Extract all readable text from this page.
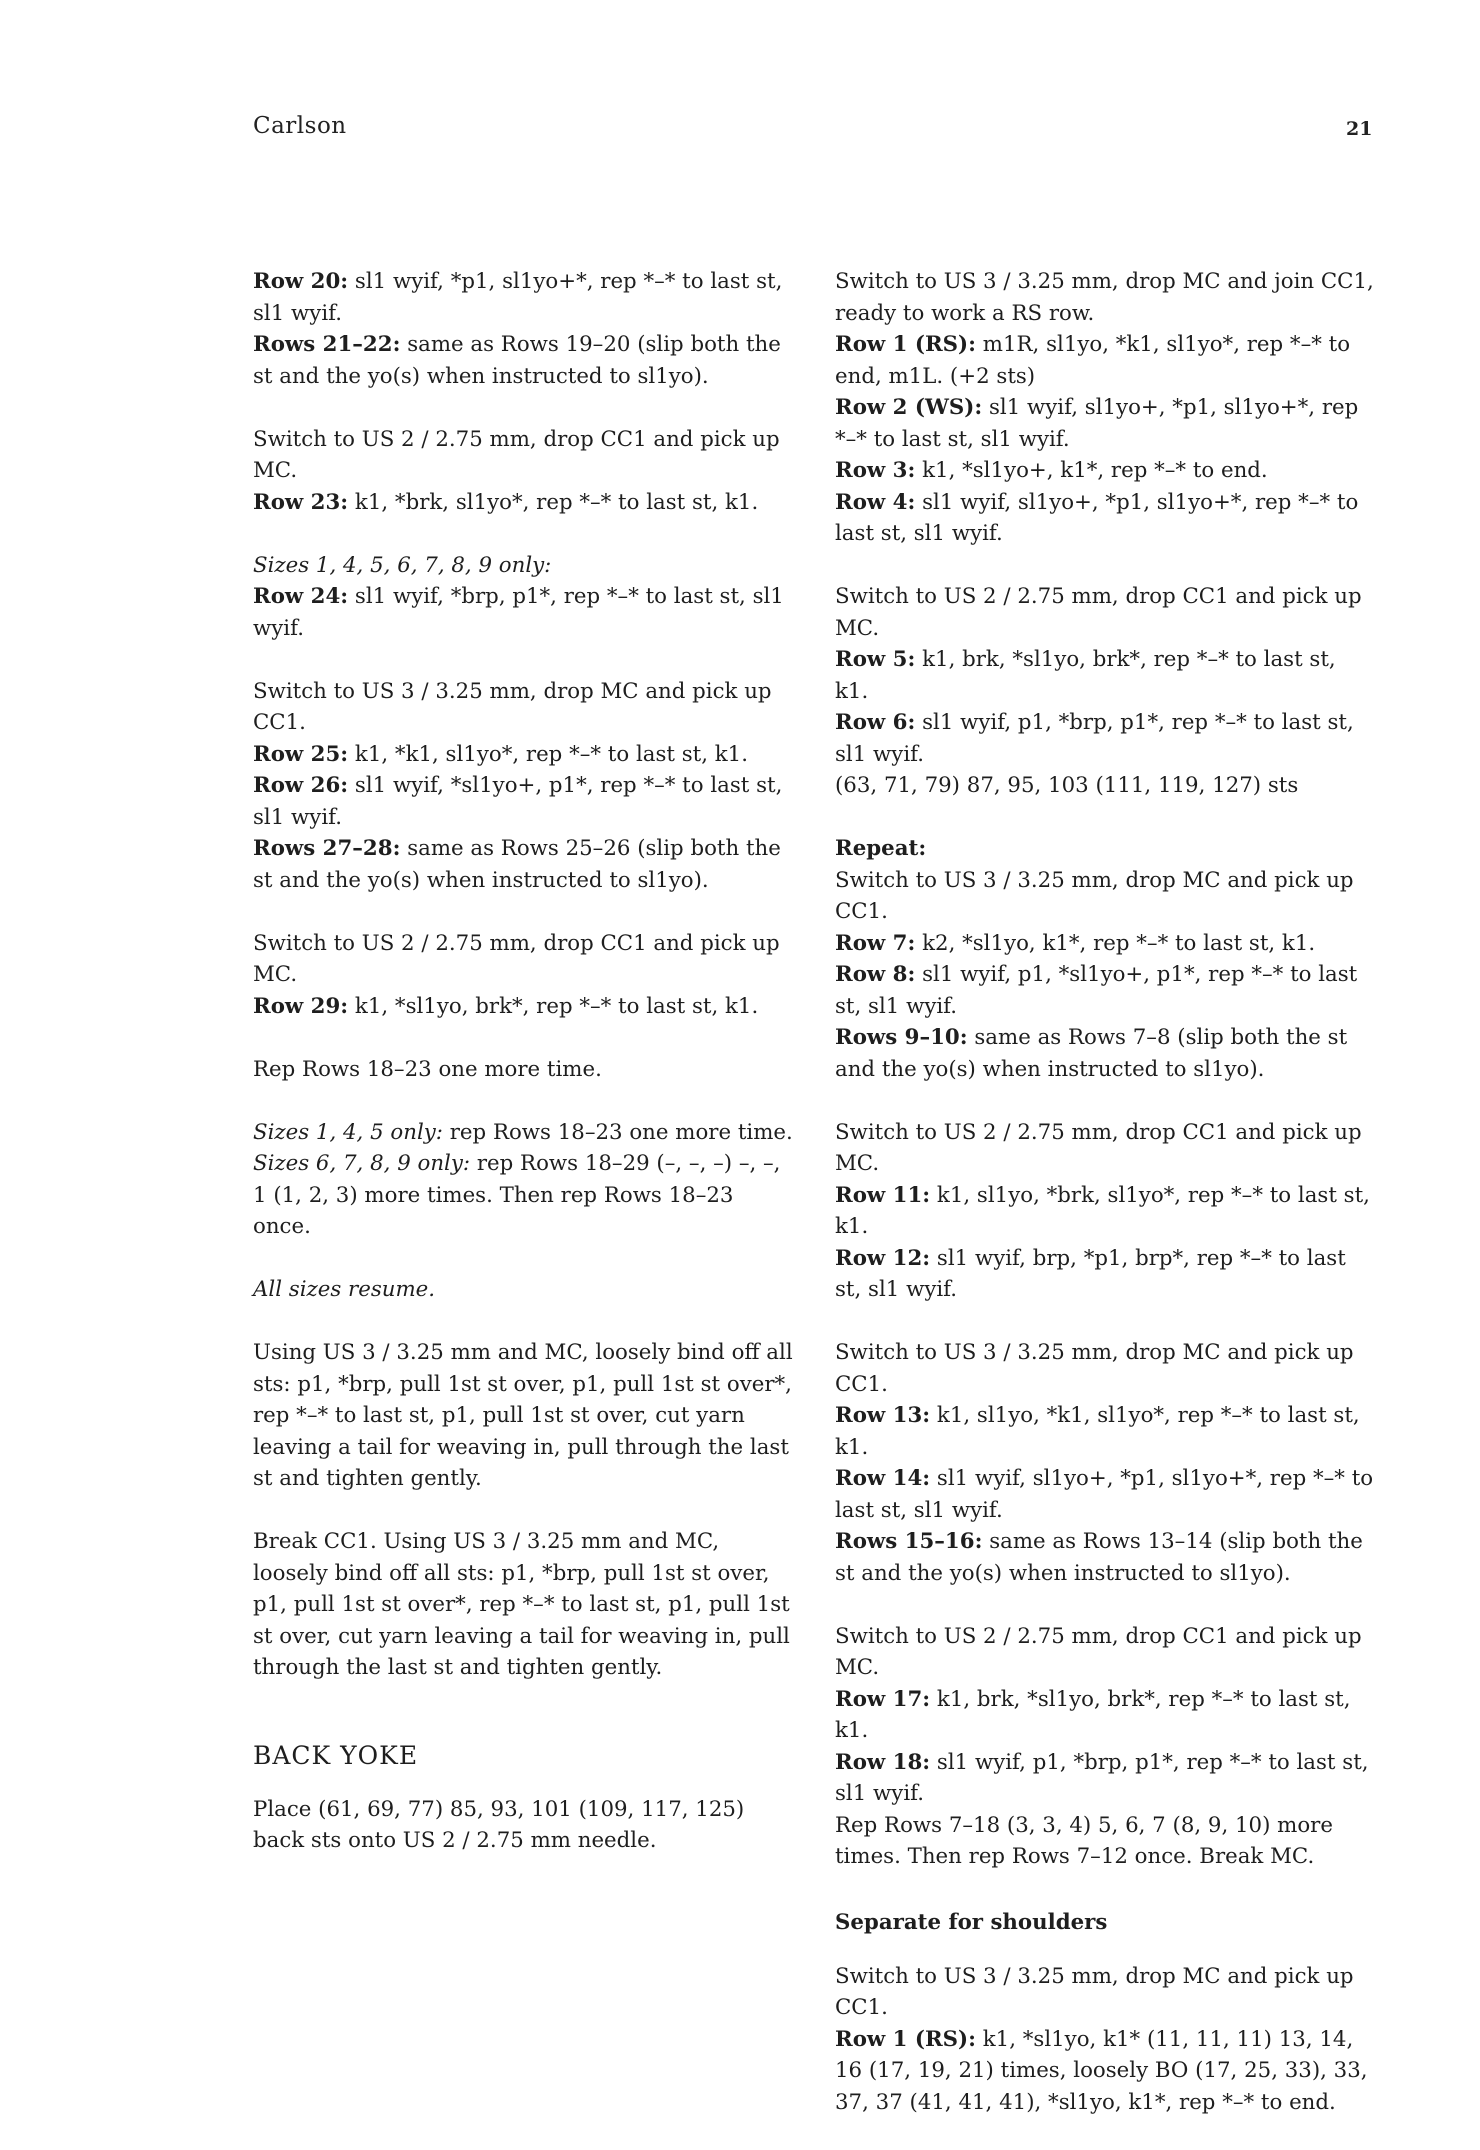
Carlson	21

Row 20: sl1 wyif, *p1, sl1yo+*, rep *–* to last st, sl1 wyif.
Rows 21–22: same as Rows 19–20 (slip both the st and the yo(s) when instructed to sl1yo).

Switch to US 2 / 2.75 mm, drop CC1 and pick up MC.
Row 23: k1, *brk, sl1yo*, rep *–* to last st, k1.

Sizes 1, 4, 5, 6, 7, 8, 9 only:
Row 24: sl1 wyif, *brp, p1*, rep *–* to last st, sl1 wyif.

Switch to US 3 / 3.25 mm, drop MC and pick up CC1.
Row 25: k1, *k1, sl1yo*, rep *–* to last st, k1.
Row 26: sl1 wyif, *sl1yo+, p1*, rep *–* to last st, sl1 wyif.
Rows 27–28: same as Rows 25–26 (slip both the st and the yo(s) when instructed to sl1yo).

Switch to US 2 / 2.75 mm, drop CC1 and pick up MC.
Row 29: k1, *sl1yo, brk*, rep *–* to last st, k1.

Rep Rows 18–23 one more time.

Sizes 1, 4, 5 only: rep Rows 18–23 one more time.
Sizes 6, 7, 8, 9 only: rep Rows 18–29 (–, –, –) –, –, 1 (1, 2, 3) more times. Then rep Rows 18–23 once.

All sizes resume.

Using US 3 / 3.25 mm and MC, loosely bind off all sts: p1, *brp, pull 1st st over, p1, pull 1st st over*, rep *–* to last st, p1, pull 1st st over, cut yarn leaving a tail for weaving in, pull through the last st and tighten gently.

Break CC1. Using US 3 / 3.25 mm and MC, loosely bind off all sts: p1, *brp, pull 1st st over, p1, pull 1st st over*, rep *–* to last st, p1, pull 1st st over, cut yarn leaving a tail for weaving in, pull through the last st and tighten gently.

BACK YOKE

Place (61, 69, 77) 85, 93, 101 (109, 117, 125) back sts onto US 2 / 2.75 mm needle.

Switch to US 3 / 3.25 mm, drop MC and join CC1, ready to work a RS row.
Row 1 (RS): m1R, sl1yo, *k1, sl1yo*, rep *–* to end, m1L. (+2 sts)
Row 2 (WS): sl1 wyif, sl1yo+, *p1, sl1yo+*, rep *–* to last st, sl1 wyif.
Row 3: k1, *sl1yo+, k1*, rep *–* to end.
Row 4: sl1 wyif, sl1yo+, *p1, sl1yo+*, rep *–* to last st, sl1 wyif.

Switch to US 2 / 2.75 mm, drop CC1 and pick up MC.
Row 5: k1, brk, *sl1yo, brk*, rep *–* to last st, k1.
Row 6: sl1 wyif, p1, *brp, p1*, rep *–* to last st, sl1 wyif.
(63, 71, 79) 87, 95, 103 (111, 119, 127) sts

Repeat:
Switch to US 3 / 3.25 mm, drop MC and pick up CC1.
Row 7: k2, *sl1yo, k1*, rep *–* to last st, k1.
Row 8: sl1 wyif, p1, *sl1yo+, p1*, rep *–* to last st, sl1 wyif.
Rows 9–10: same as Rows 7–8 (slip both the st and the yo(s) when instructed to sl1yo).

Switch to US 2 / 2.75 mm, drop CC1 and pick up MC.
Row 11: k1, sl1yo, *brk, sl1yo*, rep *–* to last st, k1.
Row 12: sl1 wyif, brp, *p1, brp*, rep *–* to last st, sl1 wyif.

Switch to US 3 / 3.25 mm, drop MC and pick up CC1.
Row 13: k1, sl1yo, *k1, sl1yo*, rep *–* to last st, k1.
Row 14: sl1 wyif, sl1yo+, *p1, sl1yo+*, rep *–* to last st, sl1 wyif.
Rows 15–16: same as Rows 13–14 (slip both the st and the yo(s) when instructed to sl1yo).

Switch to US 2 / 2.75 mm, drop CC1 and pick up MC.
Row 17: k1, brk, *sl1yo, brk*, rep *–* to last st, k1.
Row 18: sl1 wyif, p1, *brp, p1*, rep *–* to last st, sl1 wyif.
Rep Rows 7–18 (3, 3, 4) 5, 6, 7 (8, 9, 10) more times. Then rep Rows 7–12 once. Break MC.

Separate for shoulders

Switch to US 3 / 3.25 mm, drop MC and pick up CC1.
Row 1 (RS): k1, *sl1yo, k1* (11, 11, 11) 13, 14, 16 (17, 19, 21) times, loosely BO (17, 25, 33), 33, 37, 37 (41, 41, 41), *sl1yo, k1*, rep *–* to end.
